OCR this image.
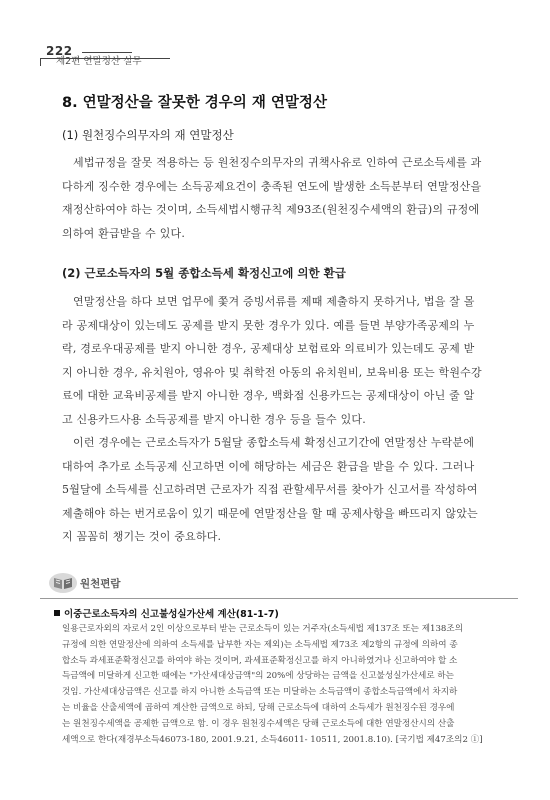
222
제2편 연말정산 실무
8. 연말정산을 잘못한 경우의 재 연말정산
(1) 원천징수의무자의 재 연말정산
세법규정을 잘못 적용하는 등 원천징수의무자의 귀책사유로 인하여 근로소득세를 과
다하게 징수한 경우에는 소득공제요건이 충족된 연도에 발생한 소득분부터 연말정산을
재정산하여야 하는 것이며, 소득세법시행규칙 제93조(원천징수세액의 환급)의 규정에
의하여 환급받을 수 있다.
(2) 근로소득자의 5월 종합소득세 확정신고에 의한 환급
연말정산을 하다 보면 업무에 쫓겨 증빙서류를 제때 제출하지 못하거나, 법을 잘 몰
라 공제대상이 있는데도 공제를 받지 못한 경우가 있다. 예를 들면 부양가족공제의 누
락, 경로우대공제를 받지 아니한 경우, 공제대상 보험료와 의료비가 있는데도 공제 받
지 아니한 경우, 유치원아, 영유아 및 취학전 아동의 유치원비, 보육비용 또는 학원수강
료에 대한 교육비공제를 받지 아니한 경우, 백화점 신용카드는 공제대상이 아닌 줄 알
고 신용카드사용 소득공제를 받지 아니한 경우 등을 들수 있다.
이런 경우에는 근로소득자가 5월달 종합소득세 확정신고기간에 연말정산 누락분에
대하여 추가로 소득공제 신고하면 이에 해당하는 세금은 환급을 받을 수 있다. 그러나
5월달에 소득세를 신고하려면 근로자가 직접 관할세무서를 찾아가 신고서를 작성하여
제출해야 하는 번거로움이 있기 때문에 연말정산을 할 때 공제사항을 빠뜨리지 않았는
지 꼼꼼히 챙기는 것이 중요하다.
원천편람
이중근로소득자의 신고불성실가산세 계산(81-1-7)
일용근로자외의 자로서 2인 이상으로부터 받는 근로소득이 있는 거주자(소득세법 제137조 또는 제138조의
규정에 의한 연말정산에 의하여 소득세를 납부한 자는 제외)는 소득세법 제73조 제2항의 규정에 의하여 종
합소득 과세표준확정신고를 하여야 하는 것이며, 과세표준확정신고를 하지 아니하였거나 신고하여야 할 소
득금액에 미달하게 신고한 때에는 "가산세대상금액"의 20%에 상당하는 금액을 신고불성실가산세로 하는
것임. 가산세대상금액은 신고를 하지 아니한 소득금액 또는 미달하는 소득금액이 종합소득금액에서 차지하
는 비율을 산출세액에 곱하여 계산한 금액으로 하되, 당해 근로소득에 대하여 소득세가 원천징수된 경우에
는 원천징수세액을 공제한 금액으로 함. 이 경우 원천징수세액은 당해 근로소득에 대한 연말정산시의 산출
세액으로 한다(재경부소득46073-180, 2001.9.21, 소득46011- 10511, 2001.8.10). [국기법 제47조의2 ①]
